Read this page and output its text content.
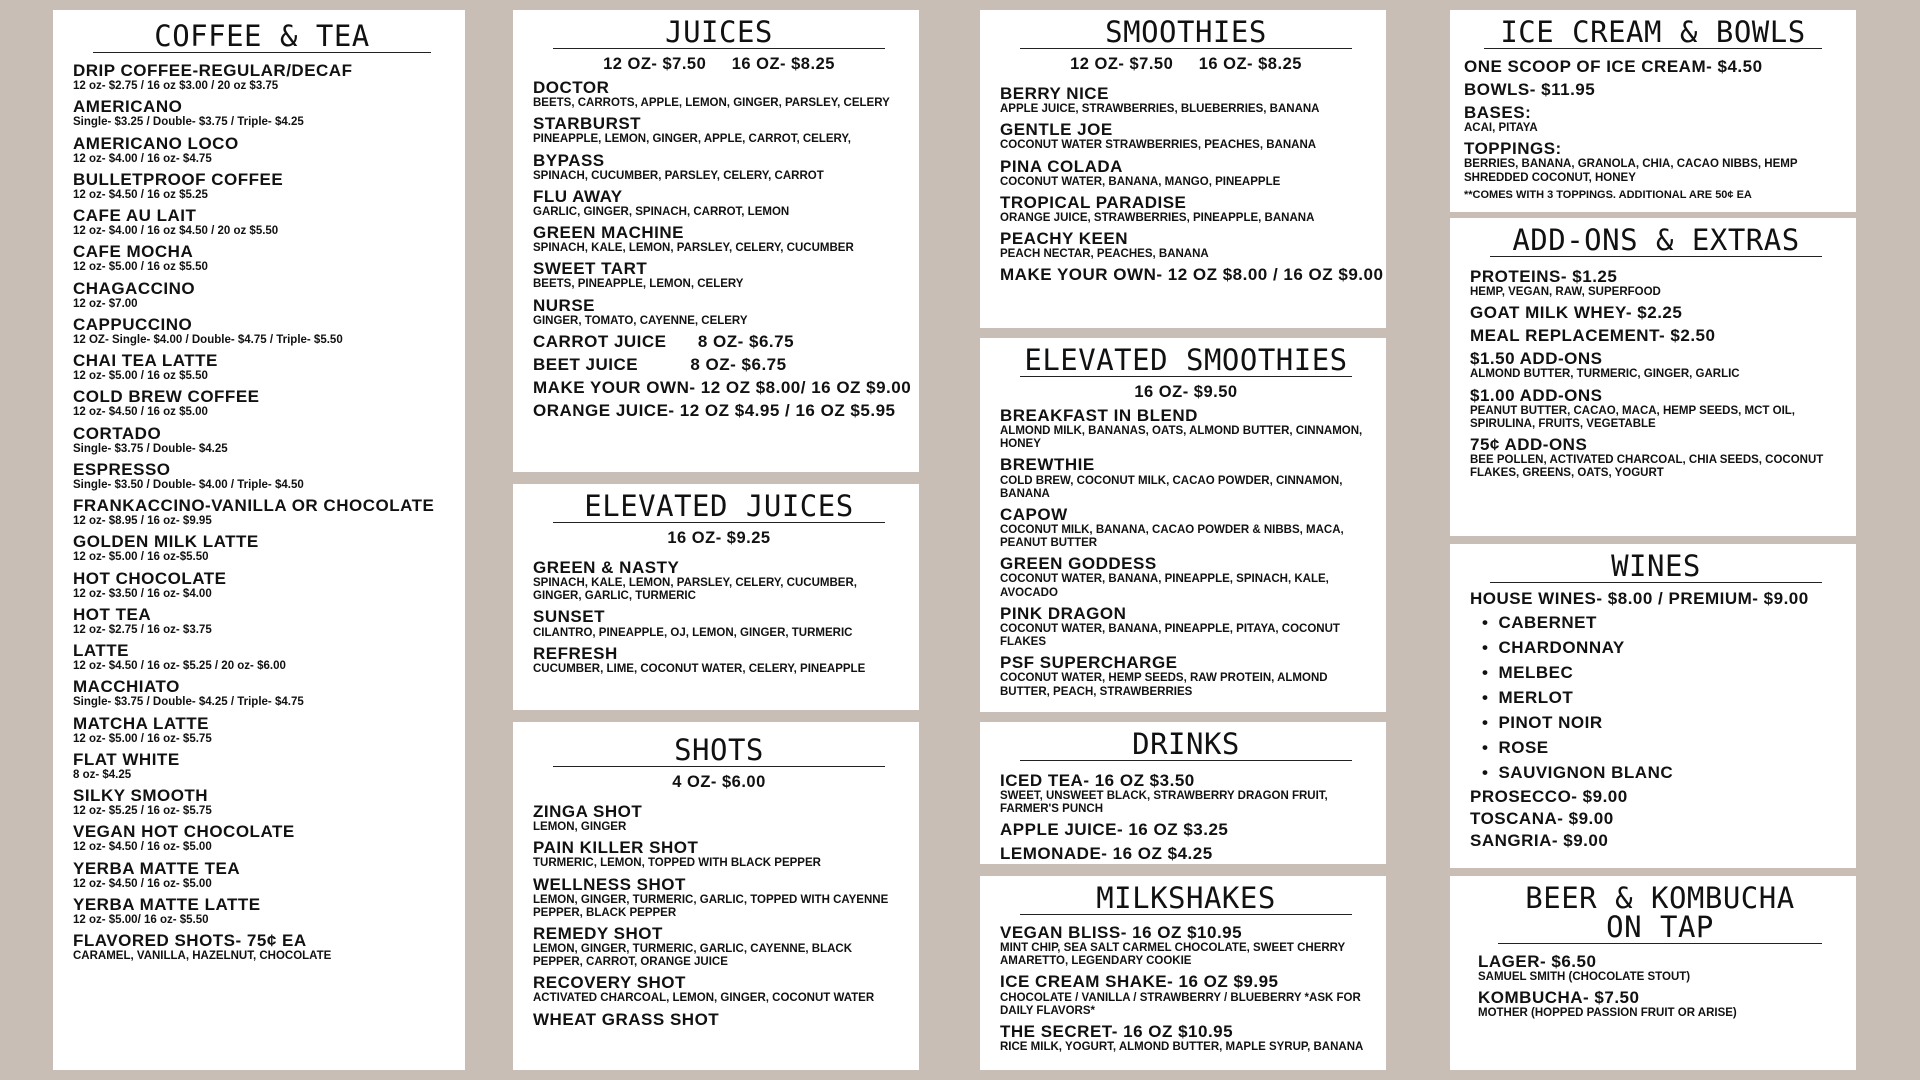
COFFEE & TEA
DRIP COFFEE-REGULAR/DECAF
12 oz- $2.75 / 16 oz $3.00 / 20 oz $3.75
AMERICANO
Single- $3.25 / Double- $3.75 / Triple- $4.25
AMERICANO LOCO
12 oz- $4.00 / 16 oz- $4.75
BULLETPROOF COFFEE
12 oz- $4.50 / 16 oz $5.25
CAFE AU LAIT
12 oz- $4.00 / 16 oz $4.50 / 20 oz $5.50
CAFE MOCHA
12 oz- $5.00 / 16 oz $5.50
CHAGACCINO
12 oz- $7.00
CAPPUCCINO
12 OZ- Single- $4.00 / Double- $4.75 / Triple- $5.50
CHAI TEA LATTE
12 oz- $5.00 / 16 oz $5.50
COLD BREW COFFEE
12 oz- $4.50 / 16 oz $5.00
CORTADO
Single- $3.75 / Double- $4.25
ESPRESSO
Single- $3.50 / Double- $4.00 / Triple- $4.50
FRANKACCINO-VANILLA OR CHOCOLATE
12 oz- $8.95 / 16 oz- $9.95
GOLDEN MILK LATTE
12 oz- $5.00 / 16 oz-$5.50
HOT CHOCOLATE
12 oz- $3.50 / 16 oz- $4.00
HOT TEA
12 oz- $2.75 / 16 oz- $3.75
LATTE
12 oz- $4.50 / 16 oz- $5.25 / 20 oz- $6.00
MACCHIATO
Single- $3.75 / Double- $4.25 / Triple- $4.75
MATCHA LATTE
12 oz- $5.00 / 16 oz- $5.75
FLAT WHITE
8 oz- $4.25
SILKY SMOOTH
12 oz- $5.25 / 16 oz- $5.75
VEGAN HOT CHOCOLATE
12 oz- $4.50 / 16 oz- $5.00
YERBA MATTE TEA
12 oz- $4.50 / 16 oz- $5.00
YERBA MATTE LATTE
12 oz- $5.00/ 16 oz- $5.50
FLAVORED SHOTS- 75¢ EA
CARAMEL, VANILLA, HAZELNUT, CHOCOLATE
JUICES
12 OZ- $7.50     16 OZ- $8.25
DOCTOR
BEETS, CARROTS, APPLE, LEMON, GINGER, PARSLEY, CELERY
STARBURST
PINEAPPLE, LEMON, GINGER, APPLE, CARROT, CELERY,
BYPASS
SPINACH, CUCUMBER, PARSLEY, CELERY, CARROT
FLU AWAY
GARLIC, GINGER, SPINACH, CARROT, LEMON
GREEN MACHINE
SPINACH, KALE, LEMON, PARSLEY, CELERY, CUCUMBER
SWEET TART
BEETS, PINEAPPLE, LEMON, CELERY
NURSE
GINGER, TOMATO, CAYENNE, CELERY
CARROT JUICE      8 OZ- $6.75
BEET JUICE          8 OZ- $6.75
MAKE YOUR OWN- 12 OZ $8.00/ 16 OZ $9.00
ORANGE JUICE- 12 OZ $4.95 / 16 OZ $5.95
ELEVATED JUICES
16 OZ- $9.25
GREEN & NASTY
SPINACH, KALE, LEMON, PARSLEY, CELERY, CUCUMBER, GINGER, GARLIC, TURMERIC
SUNSET
CILANTRO, PINEAPPLE, OJ, LEMON, GINGER, TURMERIC
REFRESH
CUCUMBER, LIME, COCONUT WATER, CELERY, PINEAPPLE
SHOTS
4 OZ- $6.00
ZINGA SHOT
LEMON, GINGER
PAIN KILLER SHOT
TURMERIC, LEMON, TOPPED WITH BLACK PEPPER
WELLNESS SHOT
LEMON, GINGER, TURMERIC, GARLIC, TOPPED WITH CAYENNE PEPPER, BLACK PEPPER
REMEDY SHOT
LEMON, GINGER, TURMERIC, GARLIC, CAYENNE, BLACK PEPPER, CARROT, ORANGE JUICE
RECOVERY SHOT
ACTIVATED CHARCOAL, LEMON, GINGER, COCONUT WATER
WHEAT GRASS SHOT
SMOOTHIES
12 OZ- $7.50     16 OZ- $8.25
BERRY NICE
APPLE JUICE, STRAWBERRIES, BLUEBERRIES, BANANA
GENTLE JOE
COCONUT WATER STRAWBERRIES, PEACHES, BANANA
PINA COLADA
COCONUT WATER, BANANA, MANGO, PINEAPPLE
TROPICAL PARADISE
ORANGE JUICE, STRAWBERRIES, PINEAPPLE, BANANA
PEACHY KEEN
PEACH NECTAR, PEACHES, BANANA
MAKE YOUR OWN- 12 OZ $8.00 / 16 OZ $9.00
ELEVATED SMOOTHIES
16 OZ- $9.50
BREAKFAST IN BLEND
ALMOND MILK, BANANAS, OATS, ALMOND BUTTER, CINNAMON, HONEY
BREWTHIE
COLD BREW, COCONUT MILK, CACAO POWDER, CINNAMON, BANANA
CAPOW
COCONUT MILK, BANANA, CACAO POWDER & NIBBS, MACA, PEANUT BUTTER
GREEN GODDESS
COCONUT WATER, BANANA, PINEAPPLE, SPINACH, KALE, AVOCADO
PINK DRAGON
COCONUT WATER, BANANA, PINEAPPLE, PITAYA, COCONUT FLAKES
PSF SUPERCHARGE
COCONUT WATER, HEMP SEEDS, RAW PROTEIN, ALMOND BUTTER, PEACH, STRAWBERRIES
DRINKS
ICED TEA- 16 OZ $3.50
SWEET, UNSWEET BLACK, STRAWBERRY DRAGON FRUIT, FARMER'S PUNCH
APPLE JUICE- 16 OZ $3.25
LEMONADE- 16 OZ $4.25
MILKSHAKES
VEGAN BLISS- 16 OZ $10.95
MINT CHIP, SEA SALT CARMEL CHOCOLATE, SWEET CHERRY AMARETTO, LEGENDARY COOKIE
ICE CREAM SHAKE- 16 OZ $9.95
CHOCOLATE / VANILLA / STRAWBERRY / BLUEBERRY *ASK FOR DAILY FLAVORS*
THE SECRET- 16 OZ $10.95
RICE MILK, YOGURT, ALMOND BUTTER, MAPLE SYRUP, BANANA
ICE CREAM & BOWLS
ONE SCOOP OF ICE CREAM- $4.50
BOWLS- $11.95
BASES:
ACAI, PITAYA
TOPPINGS:
BERRIES, BANANA, GRANOLA, CHIA, CACAO NIBBS, HEMP SHREDDED COCONUT, HONEY
**COMES WITH 3 TOPPINGS. ADDITIONAL ARE 50¢ EA
ADD-ONS & EXTRAS
PROTEINS- $1.25
HEMP, VEGAN, RAW, SUPERFOOD
GOAT MILK WHEY- $2.25
MEAL REPLACEMENT- $2.50
$1.50 ADD-ONS
ALMOND BUTTER, TURMERIC, GINGER, GARLIC
$1.00 ADD-ONS
PEANUT BUTTER, CACAO, MACA, HEMP SEEDS, MCT OIL, SPIRULINA, FRUITS, VEGETABLE
75¢ ADD-ONS
BEE POLLEN, ACTIVATED CHARCOAL, CHIA SEEDS, COCONUT FLAKES, GREENS, OATS, YOGURT
WINES
HOUSE WINES- $8.00 / PREMIUM- $9.00
• CABERNET
• CHARDONNAY
• MELBEC
• MERLOT
• PINOT NOIR
• ROSE
• SAUVIGNON BLANC
PROSECCO- $9.00
TOSCANA- $9.00
SANGRIA- $9.00
BEER & KOMBUCHA
ON TAP
LAGER- $6.50
SAMUEL SMITH (CHOCOLATE STOUT)
KOMBUCHA- $7.50
MOTHER (HOPPED PASSION FRUIT OR ARISE)
